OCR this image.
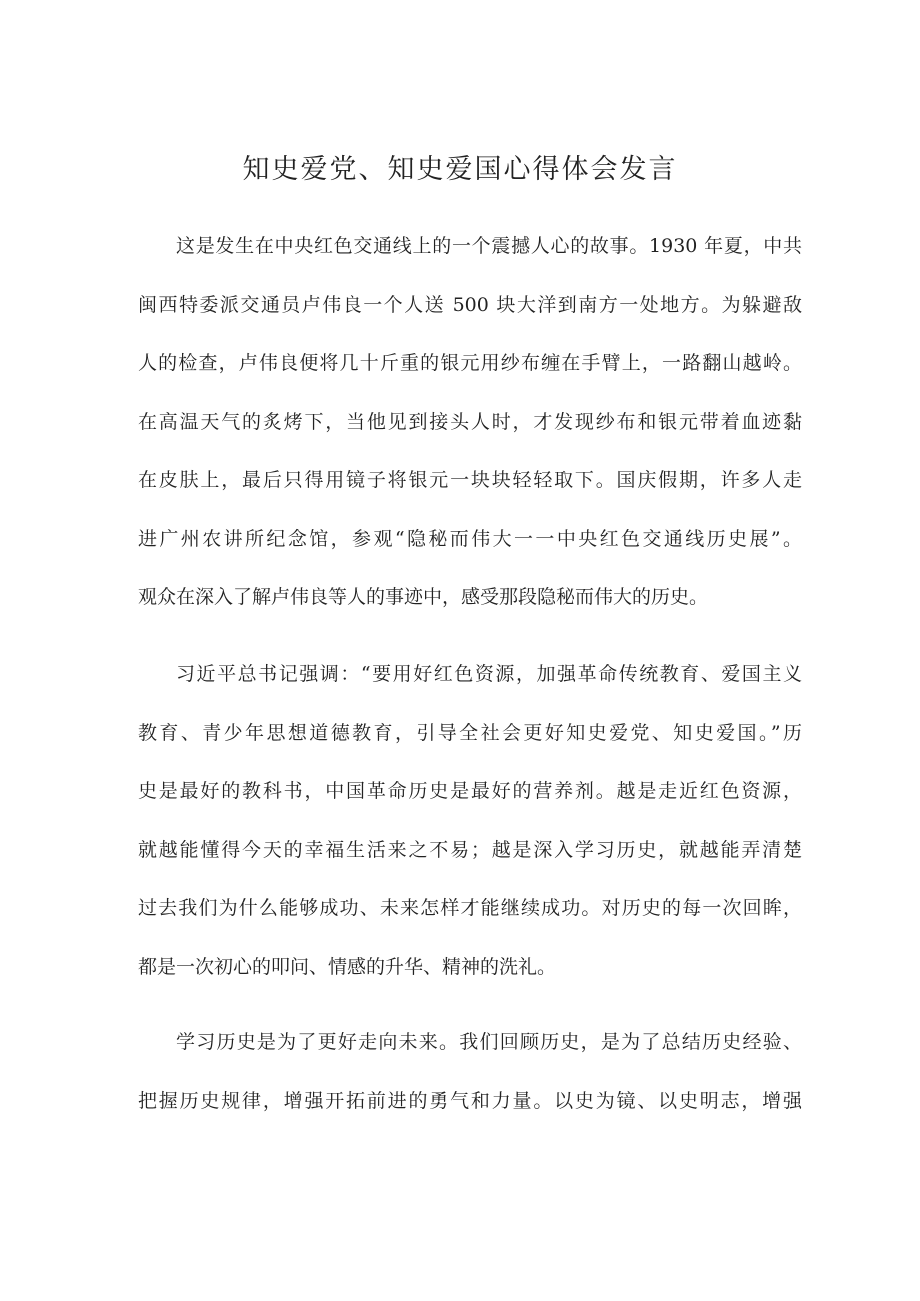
知史爱党、知史爱国心得体会发言
这是发生在中央红色交通线上的一个震撼人心的故事。1930 年夏，中共
闽西特委派交通员卢伟良一个人送 500 块大洋到南方一处地方。为躲避敌
人的检查，卢伟良便将几十斤重的银元用纱布缠在手臂上，一路翻山越岭。
在高温天气的炙烤下，当他见到接头人时，才发现纱布和银元带着血迹黏
在皮肤上，最后只得用镜子将银元一块块轻轻取下。国庆假期，许多人走
进广州农讲所纪念馆，参观“隐秘而伟大一一中央红色交通线历史展”。
观众在深入了解卢伟良等人的事迹中，感受那段隐秘而伟大的历史。
习近平总书记强调：“要用好红色资源，加强革命传统教育、爱国主义
教育、青少年思想道德教育，引导全社会更好知史爱党、知史爱国。”历
史是最好的教科书，中国革命历史是最好的营养剂。越是走近红色资源，
就越能懂得今天的幸福生活来之不易；越是深入学习历史，就越能弄清楚
过去我们为什么能够成功、未来怎样才能继续成功。对历史的每一次回眸，
都是一次初心的叩问、情感的升华、精神的洗礼。
学习历史是为了更好走向未来。我们回顾历史，是为了总结历史经验、
把握历史规律，增强开拓前进的勇气和力量。以史为镜、以史明志，增强
